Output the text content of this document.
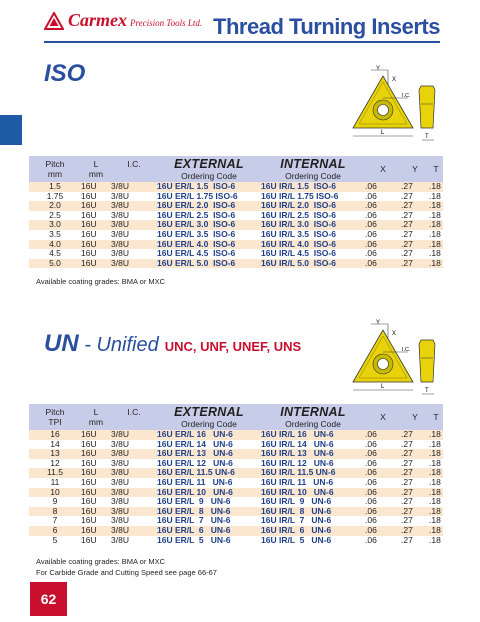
Carmex Precision Tools Ltd. Thread Turning Inserts
ISO	Y
X
I.C.
L
T
Pitch
mm	L
mm	I.C.	EXTERNAL
Ordering Code	INTERNAL
Ordering Code	X	Y	T

1.5	16U	3/8U	16U ER/L 1.5  ISO-6	16U IR/L 1.5  ISO-6	.06	.27	.18
1.75	16U	3/8U	16U ER/L 1.75 ISO-6	16U IR/L 1.75 ISO-6	.06	.27	.18
2.0	16U	3/8U	16U ER/L 2.0  ISO-6	16U IR/L 2.0  ISO-6	.06	.27	.18
2.5	16U	3/8U	16U ER/L 2.5  ISO-6	16U IR/L 2.5  ISO-6	.06	.27	.18
3.0	16U	3/8U	16U ER/L 3.0  ISO-6	16U IR/L 3.0  ISO-6	.06	.27	.18
3.5	16U	3/8U	16U ER/L 3.5  ISO-6	16U IR/L 3.5  ISO-6	.06	.27	.18
4.0	16U	3/8U	16U ER/L 4.0  ISO-6	16U IR/L 4.0  ISO-6	.06	.27	.18
4.5	16U	3/8U	16U ER/L 4.5  ISO-6	16U IR/L 4.5  ISO-6	.06	.27	.18
5.0	16U	3/8U	16U ER/L 5.0  ISO-6	16U IR/L 5.0  ISO-6	.06	.27	.18
Available coating grades: BMA or MXC
UN - Unified UNC, UNF, UNEF, UNS
Y
X
I.C.
L
T
Pitch
TPI	L
mm	I.C.	EXTERNAL
Ordering Code	INTERNAL
Ordering Code	X	Y	T

16	16U	3/8U	16U ER/L 16   UN-6	16U IR/L 16   UN-6	.06	.27	.18
14	16U	3/8U	16U ER/L 14   UN-6	16U IR/L 14   UN-6	.06	.27	.18
13	16U	3/8U	16U ER/L 13   UN-6	16U IR/L 13   UN-6	.06	.27	.18
12	16U	3/8U	16U ER/L 12   UN-6	16U IR/L 12   UN-6	.06	.27	.18
11.5	16U	3/8U	16U ER/L 11.5 UN-6	16U IR/L 11.5 UN-6	.06	.27	.18
11	16U	3/8U	16U ER/L 11   UN-6	16U IR/L 11   UN-6	.06	.27	.18
10	16U	3/8U	16U ER/L 10   UN-6	16U IR/L 10   UN-6	.06	.27	.18
9	16U	3/8U	16U ER/L  9   UN-6	16U IR/L  9   UN-6	.06	.27	.18
8	16U	3/8U	16U ER/L  8   UN-6	16U IR/L  8   UN-6	.06	.27	.18
7	16U	3/8U	16U ER/L  7   UN-6	16U IR/L  7   UN-6	.06	.27	.18
6	16U	3/8U	16U ER/L  6   UN-6	16U IR/L  6   UN-6	.06	.27	.18
5	16U	3/8U	16U ER/L  5   UN-6	16U IR/L  5   UN-6	.06	.27	.18
Available coating grades: BMA or MXC
For Carbide Grade and Cutting Speed see page 66-67
62
